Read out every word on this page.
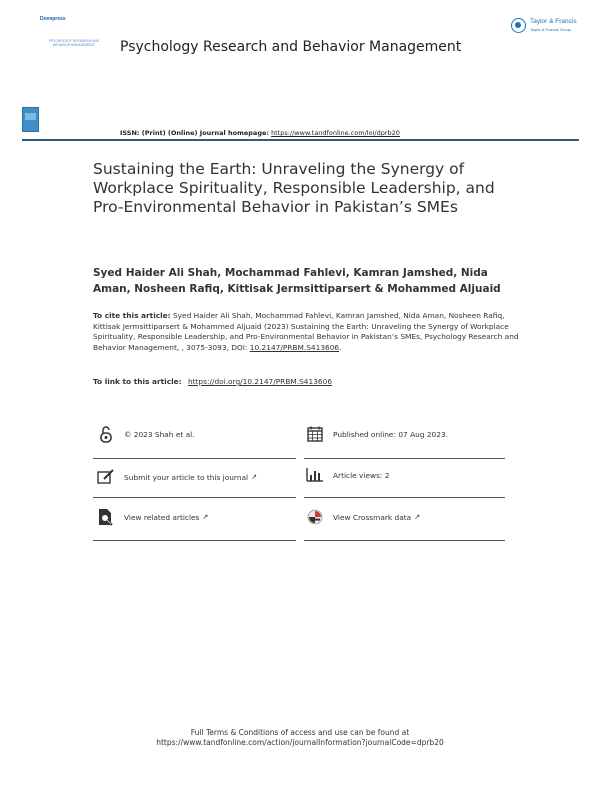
Dovepress
PSYCHOLOGY RESEARCH AND BEHAVIOR MANAGEMENT	Psychology Research and Behavior Management
Taylor & Francis
Taylor & Francis Group
ISSN: (Print) (Online) Journal homepage: https://www.tandfonline.com/loi/dprb20
Sustaining the Earth: Unraveling the Synergy of Workplace Spirituality, Responsible Leadership, and Pro-Environmental Behavior in Pakistan’s SMEs
Syed Haider Ali Shah, Mochammad Fahlevi, Kamran Jamshed, Nida Aman, Nosheen Rafiq, Kittisak Jermsittiparsert & Mohammed Aljuaid
To cite this article: Syed Haider Ali Shah, Mochammad Fahlevi, Kamran Jamshed, Nida Aman, Nosheen Rafiq, Kittisak Jermsittiparsert & Mohammed Aljuaid (2023) Sustaining the Earth: Unraveling the Synergy of Workplace Spirituality, Responsible Leadership, and Pro-Environmental Behavior in Pakistan’s SMEs, Psychology Research and Behavior Management, , 3075-3093, DOI: 10.2147/PRBM.S413606.
To link to this article: https://doi.org/10.2147/PRBM.S413606
© 2023 Shah et al.	Published online: 07 Aug 2023.
Submit your article to this journal ↗	Article views: 2
View related articles ↗	View Crossmark data ↗
Full Terms & Conditions of access and use can be found at
https://www.tandfonline.com/action/journalInformation?journalCode=dprb20
